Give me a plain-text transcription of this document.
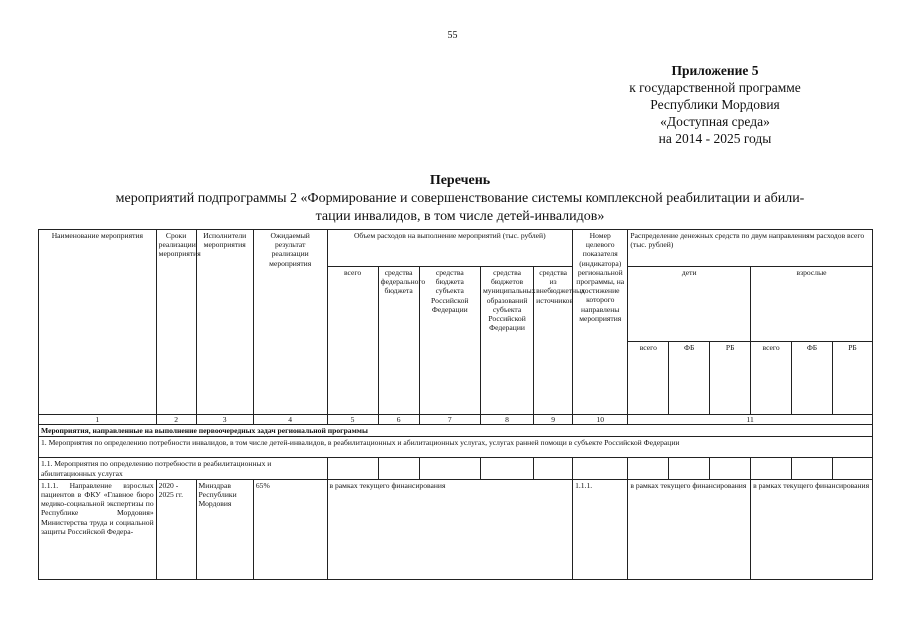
55
Приложение 5
к государственной программе
Республики Мордовия
«Доступная среда»
на 2014 - 2025 годы
Перечень
мероприятий подпрограммы 2 «Формирование и совершенствование системы комплексной реабилитации и абили-
тации инвалидов, в том числе детей-инвалидов»
Наименование мероприятия	Сроки реализации мероприятия	Исполнители мероприятия	Ожидаемый результат реализации мероприятия	Объем расходов на выполнение мероприятий (тыс. рублей)					Номер целевого показателя (индикатора) региональной программы, на достижение которого направлены мероприятия	Распределение денежных средств по двум направлениям расходов всего (тыс. рублей)					
				всего	средства федерального бюджета	средства бюджета субъекта Российской Федерации	средства бюджетов муниципальных образований субъекта Российской Федерации	средства из внебюджетных источников		дети			взрослые		
										всего	ФБ	РБ	всего	ФБ	РБ
1	2	3	4	5	6	7	8	9	10	11					
Мероприятия, направленные на выполнение первоочередных задач региональной программы															
1. Мероприятия по определению потребности инвалидов, в том числе детей-инвалидов, в реабилитационных и абилитационных услугах, услугах ранней помощи в субъекте Российской Федерации															
1.1. Мероприятия по определению потребности в реабилитационных и абилитационных услугах															
1.1.1. Направление взрослых пациентов в ФКУ «Главное бюро медико-социальной экспертизы по Республике Мордовия» Министерства труда и социальной защиты Российской Федера-	2020 - 2025 гг.	Минздрав Республики Мордовия	65%	в рамках текущего финансирования					1.1.1.	в рамках текущего финансирования			в рамках текущего финансирования		
